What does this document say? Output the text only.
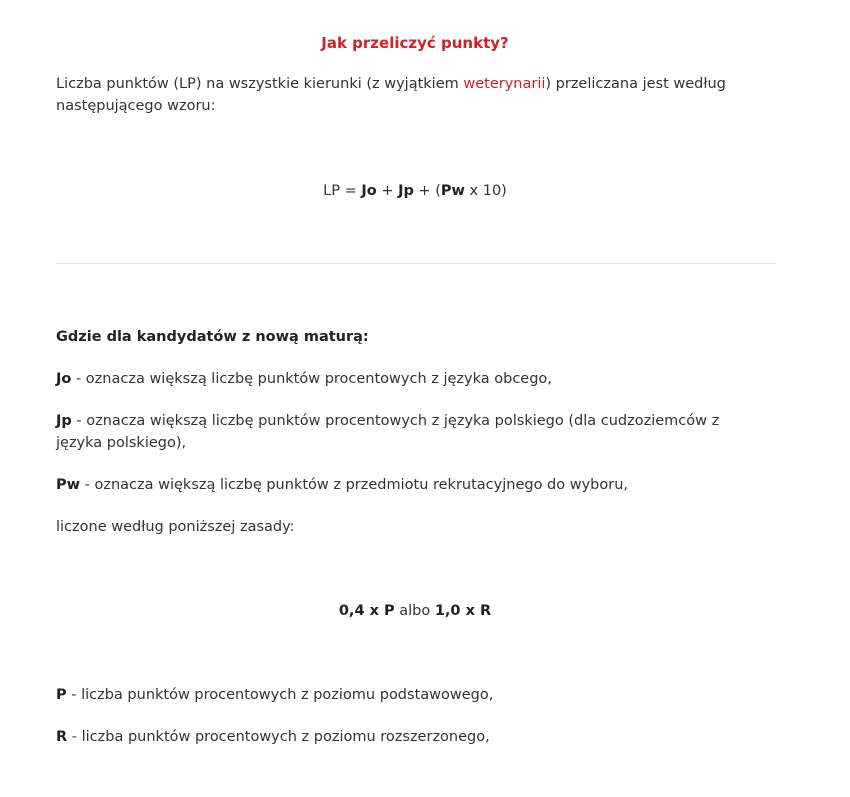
Jak przeliczyć punkty?

Liczba punktów (LP) na wszystkie kierunki (z wyjątkiem weterynarii) przeliczana jest według następującego wzoru:

LP = Jo + Jp + (Pw x 10)

Gdzie dla kandydatów z nową maturą:

Jo - oznacza większą liczbę punktów procentowych z języka obcego,

Jp - oznacza większą liczbę punktów procentowych z języka polskiego (dla cudzoziemców z języka polskiego),

Pw - oznacza większą liczbę punktów z przedmiotu rekrutacyjnego do wyboru,

liczone według poniższej zasady:

0,4 x P albo 1,0 x R

P - liczba punktów procentowych z poziomu podstawowego,

R - liczba punktów procentowych z poziomu rozszerzonego,
